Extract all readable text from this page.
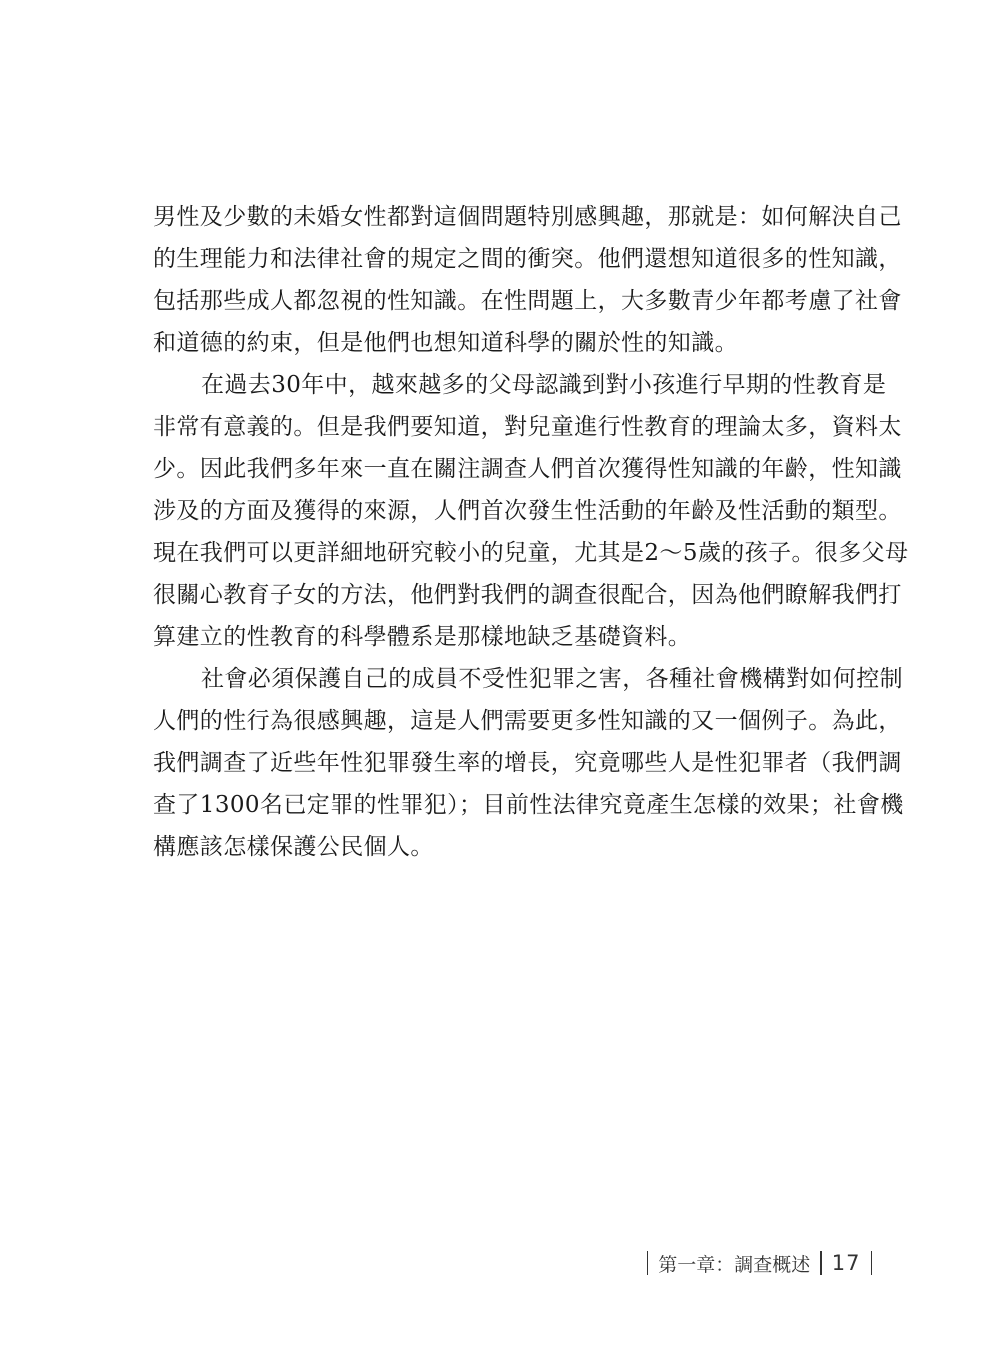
男性及少數的未婚女性都對這個問題特別感興趣，那就是：如何解決自己
的生理能力和法律社會的規定之間的衝突。他們還想知道很多的性知識，
包括那些成人都忽視的性知識。在性問題上，大多數青少年都考慮了社會
和道德的約束，但是他們也想知道科學的關於性的知識。
在過去30年中，越來越多的父母認識到對小孩進行早期的性教育是
非常有意義的。但是我們要知道，對兒童進行性教育的理論太多，資料太
少。因此我們多年來一直在關注調查人們首次獲得性知識的年齡，性知識
涉及的方面及獲得的來源，人們首次發生性活動的年齡及性活動的類型。
現在我們可以更詳細地研究較小的兒童，尤其是2～5歲的孩子。很多父母
很關心教育子女的方法，他們對我們的調查很配合，因為他們瞭解我們打
算建立的性教育的科學體系是那樣地缺乏基礎資料。
社會必須保護自己的成員不受性犯罪之害，各種社會機構對如何控制
人們的性行為很感興趣，這是人們需要更多性知識的又一個例子。為此，
我們調查了近些年性犯罪發生率的增長，究竟哪些人是性犯罪者（我們調
查了1300名已定罪的性罪犯）；目前性法律究竟產生怎樣的效果；社會機
構應該怎樣保護公民個人。
第一章：調查概述 17
